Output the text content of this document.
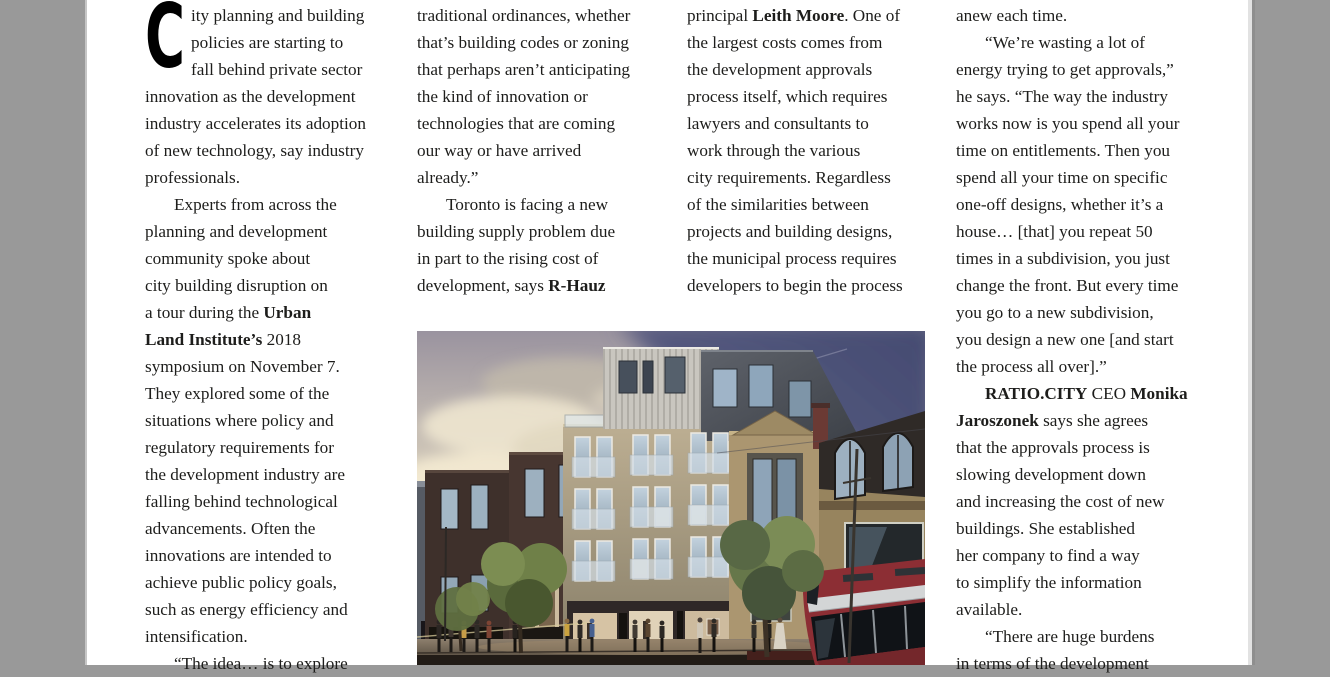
C ity planning and building
policies are starting to
fall behind private sector
innovation as the development
industry accelerates its adoption
of new technology, say industry
professionals.
Experts from across the
planning and development
community spoke about
city building disruption on
a tour during the Urban
Land Institute’s 2018
symposium on November 7.
They explored some of the
situations where policy and
regulatory requirements for
the development industry are
falling behind technological
advancements. Often the
innovations are intended to
achieve public policy goals,
such as energy efficiency and
intensification.
“The idea… is to explore
traditional ordinances, whether
that’s building codes or zoning
that perhaps aren’t anticipating
the kind of innovation or
technologies that are coming
our way or have arrived
already.”
Toronto is facing a new
building supply problem due
in part to the rising cost of
development, says R-Hauz
principal Leith Moore. One of
the largest costs comes from
the development approvals
process itself, which requires
lawyers and consultants to
work through the various
city requirements. Regardless
of the similarities between
projects and building designs,
the municipal process requires
developers to begin the process
anew each time.
“We’re wasting a lot of
energy trying to get approvals,”
he says. “The way the industry
works now is you spend all your
time on entitlements. Then you
spend all your time on specific
one-off designs, whether it’s a
house… [that] you repeat 50
times in a subdivision, you just
change the front. But every time
you go to a new subdivision,
you design a new one [and start
the process all over].”
RATIO.CITY CEO Monika
Jaroszonek says she agrees
that the approvals process is
slowing development down
and increasing the cost of new
buildings. She established
her company to find a way
to simplify the information
available.
“There are huge burdens
in terms of the development
